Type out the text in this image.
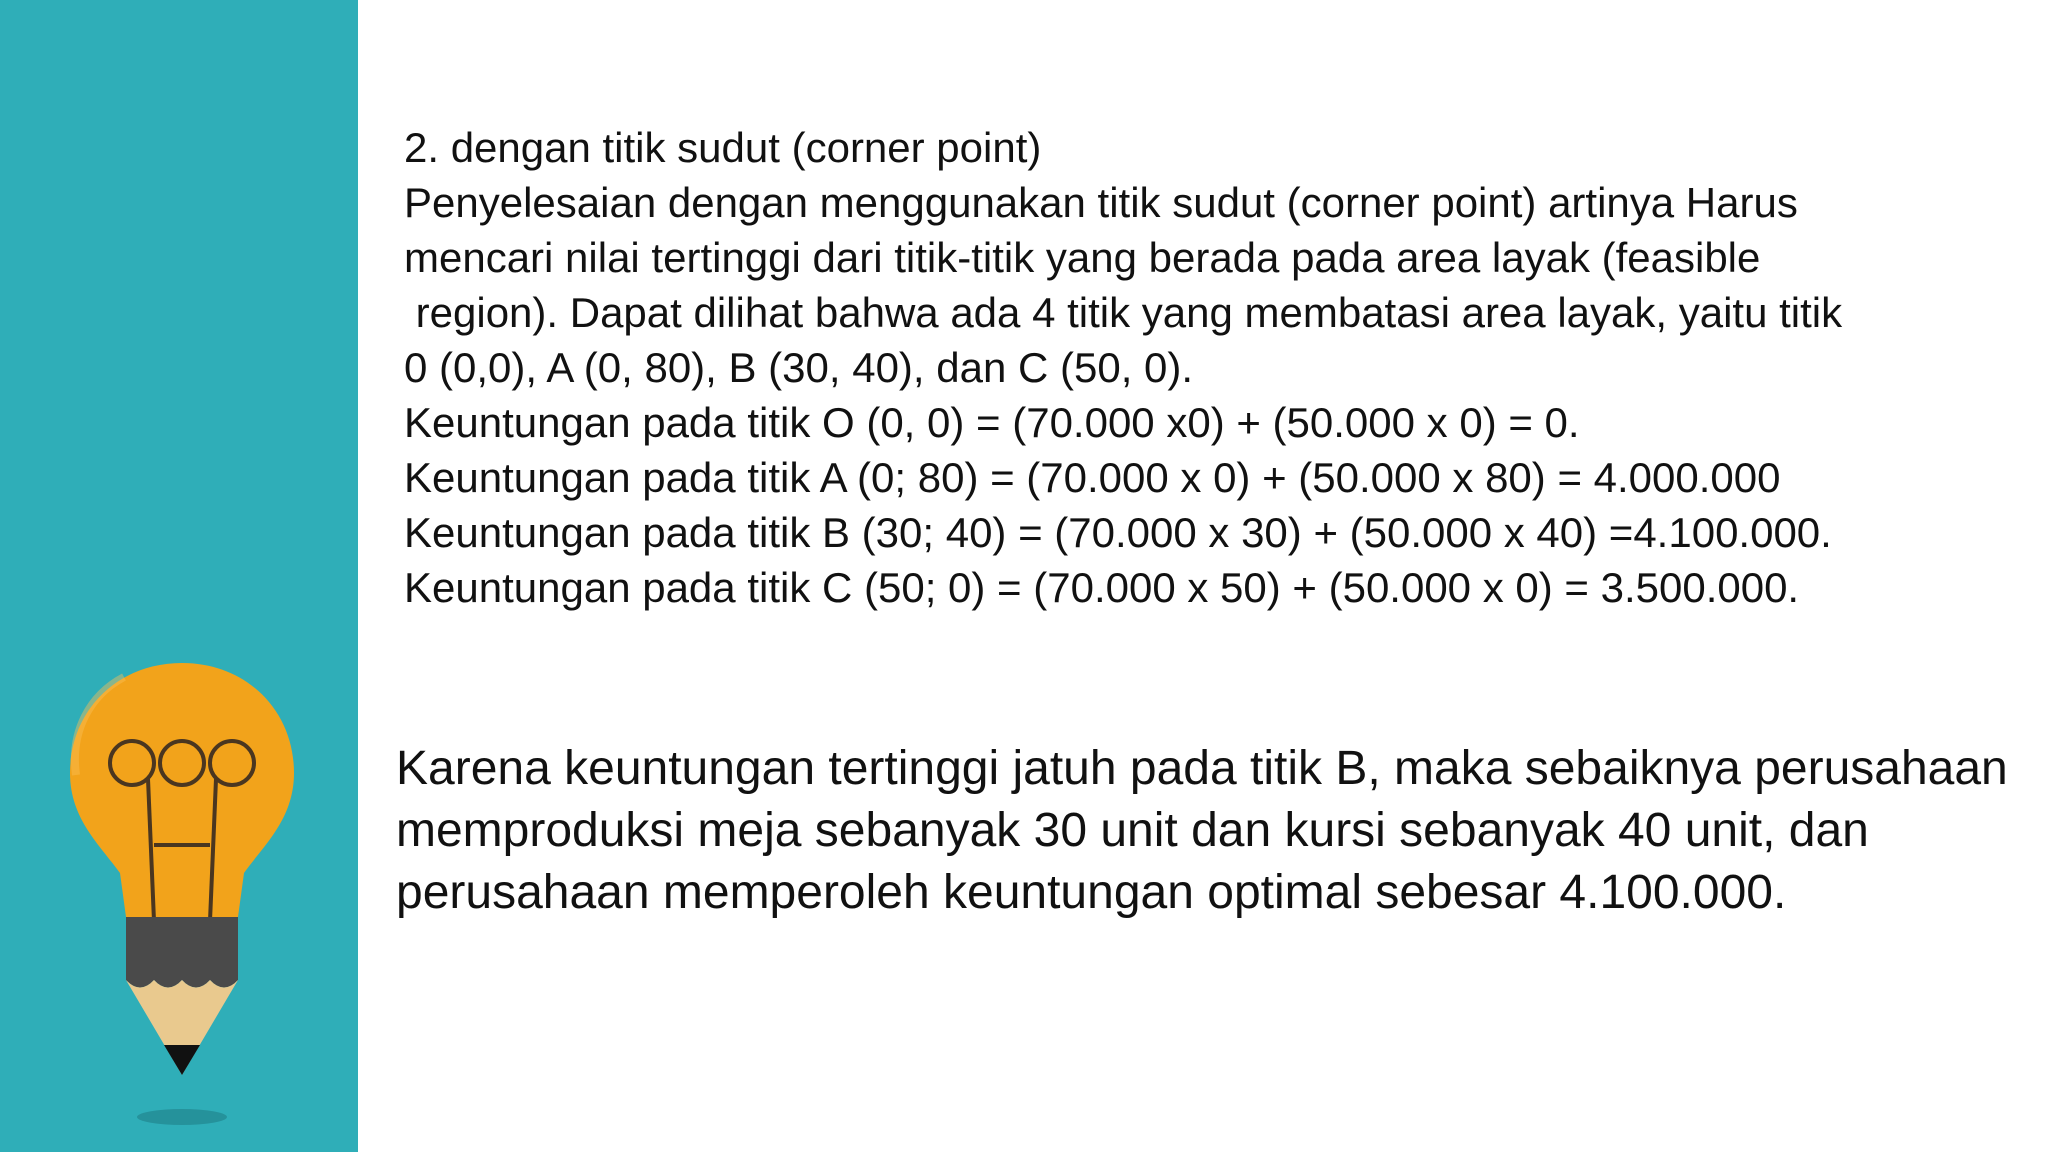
2. dengan titik sudut (corner point)
Penyelesaian dengan menggunakan titik sudut (corner point) artinya Harus
mencari nilai tertinggi dari titik-titik yang berada pada area layak (feasible
region). Dapat dilihat bahwa ada 4 titik yang membatasi area layak, yaitu titik
0 (0,0), A (0, 80), B (30, 40), dan C (50, 0).
Keuntungan pada titik O (0, 0) = (70.000 x0) + (50.000 x 0) = 0.
Keuntungan pada titik A (0; 80) = (70.000 x 0) + (50.000 x 80) = 4.000.000
Keuntungan pada titik B (30; 40) = (70.000 x 30) + (50.000 x 40) =4.100.000.
Keuntungan pada titik C (50; 0) = (70.000 x 50) + (50.000 x 0) = 3.500.000.
Karena keuntungan tertinggi jatuh pada titik B, maka sebaiknya perusahaan memproduksi meja sebanyak 30 unit dan kursi sebanyak 40 unit, dan perusahaan memperoleh keuntungan optimal sebesar 4.100.000.
